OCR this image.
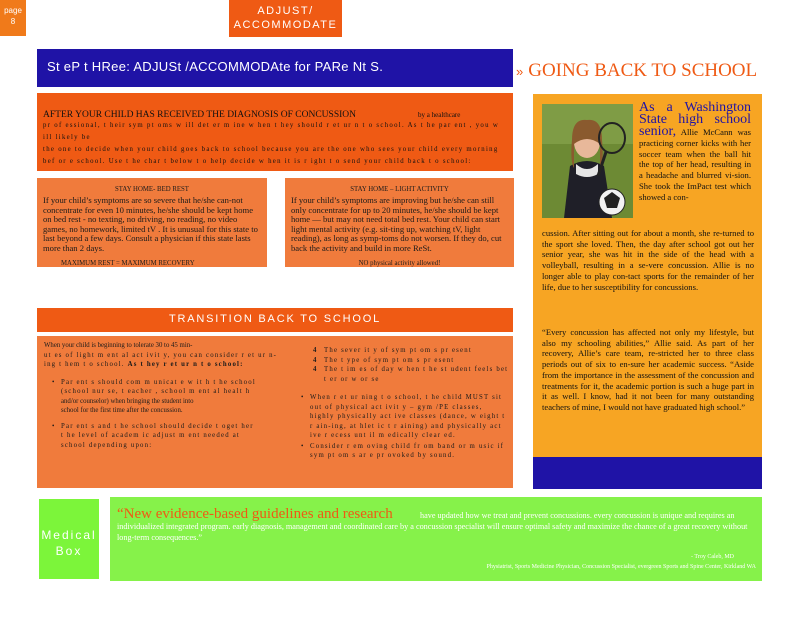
page
8
ADJUST/
ACCOMMODATE
St eP t HRee: ADJUSt /ACCOMMODAte for PARe Nt S.	» GOING BACK TO SCHOOL
AFTER YOUR CHILD HAS RECEIVED THE DIAGNOSIS OF CONCUSSION	by a healthcare
pr of essional, t heir sym pt oms w ill det er m ine w hen t hey should r et ur n t o school. As t he par ent , you w ill likely be
the one to decide when your child goes back to school because you are the one who sees your child every morning
bef or e school. Use t he char t below t o help decide w hen it is r ight t o send your child back t o school:
STAY HOME- BED REST
If your child’s symptoms are so severe that he/she can-not concentrate for even 10 minutes, he/she should be kept home on bed rest - no texting, no driving, no reading, no video games, no homework, limited tV . It is unusual for this state to last beyond a few days. Consult a physician if this state lasts more than 2 days.
MAXIMUM REST = MAXIMUM RECOVERY
STAY HOME – LIGHT ACTIVITY
If your child’s symptoms are improving but he/she can still only concentrate for up to 20 minutes, he/she should be kept home — but may not need total bed rest. Your child can start light mental activity (e.g. sit-ting up, watching tV, light reading), as long as symp-toms do not worsen. If they do, cut back the activity and build in more ReSt.
NO physical activity allowed!
TRANSITION BACK TO SCHOOL
When your child is beginning to tolerate 30 to 45 min-
ut es of light m ent al act ivit y, you can consider r et ur n-
ing t hem t o school. As t hey r et ur n t o school:
• Par ent s should com m unicat e w it h t he school
(school nur se, t eacher , school m ent al healt h
and/or counselor) when bringing the student into
school for the first time after the concussion.
• Par ent s and t he school should decide t oget her
t he level of academ ic adjust m ent needed at
school depending upon:
4	The sever it y of sym pt om s pr esent
4	The t ype of sym pt om s pr esent
4	The t im es of day w hen t he st udent feels bet t er or w or se
• When r et ur ning t o school, t he child MUST sit out of physical act ivit y – gym /PE classes, highly physically act ive classes (dance, w eight t r ain-ing, at hlet ic t r aining) and physically act ive r ecess unt il m edically clear ed.
• Consider r em oving child fr om band or m usic if sym pt om s ar e pr ovoked by sound.
As a Washington State high school senior, Allie McCann was practicing corner kicks with her soccer team when the ball hit the top of her head, resulting in a headache and blurred vi-sion. She took the ImPact test which showed a con-
cussion. After sitting out for about a month, she re-turned to the sport she loved. Then, the day after school got out her senior year, she was hit in the side of the head with a volleyball, resulting in a se-vere concussion. Allie is no longer able to play con-tact sports for the remainder of her life, due to her susceptibility for concussions.
“Every concussion has affected not only my lifestyle, but also my schooling abilities,” Allie said. As part of her recovery, Allie’s care team, re-stricted her to three class periods out of six to en-sure her academic success. “Aside from the importance in the assessment of the concussion and treatments for it, the academic portion is such a huge part in it as well. I know, had it not been for many outstanding teachers of mine, I would not have graduated high school.”
Medical
Box
have updated how we treat and prevent concussions. every concussion is unique and requires an individualized integrated program. early diagnosis, management and coordinated care by a concussion specialist will ensure optimal safety and maximize the chance of a great recovery without long-term consequences.”
- Troy Caleb, MD
Physiatrist, Sports Medicine Physician, Concussion Specialist, evergreen Sports and Spine Center, Kirkland WA
“New evidence-based guidelines and research
